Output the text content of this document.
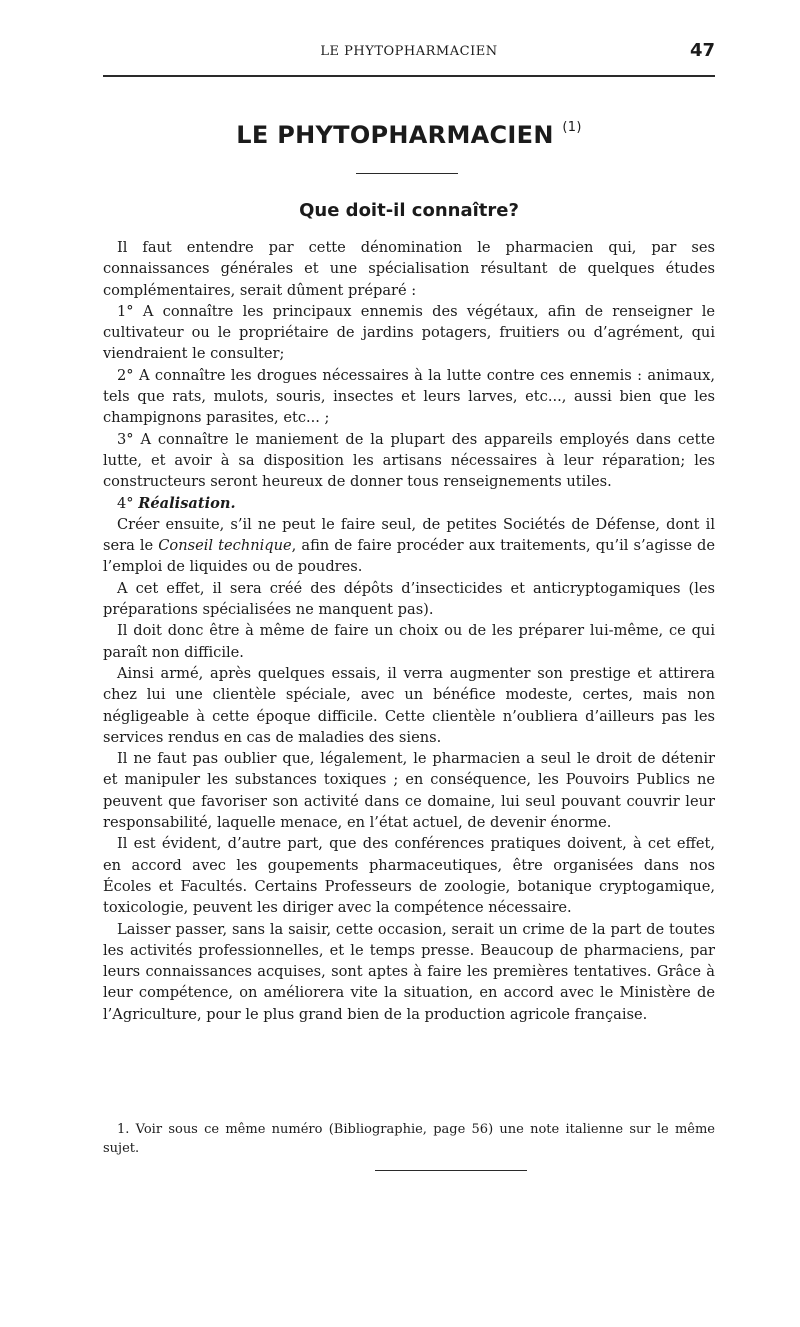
LE PHYTOPHARMACIEN	47
LE PHYTOPHARMACIEN $^{(1)}$
Que doit-il connaître?

Il faut entendre par cette dénomination le pharmacien qui, par ses connaissances générales et une spécialisation résultant de quelques études complémentaires, serait dûment préparé :

1° A connaître les principaux ennemis des végétaux, afin de renseigner le cultivateur ou le propriétaire de jardins potagers, fruitiers ou d’agrément, qui viendraient le consulter;

2° A connaître les drogues nécessaires à la lutte contre ces ennemis : animaux, tels que rats, mulots, souris, insectes et leurs larves, etc..., aussi bien que les champignons parasites, etc... ;

3° A connaître le maniement de la plupart des appareils employés dans cette lutte, et avoir à sa disposition les artisans nécessaires à leur réparation; les constructeurs seront heureux de donner tous renseignements utiles.

4° Réalisation.

Créer ensuite, s’il ne peut le faire seul, de petites Sociétés de Défense, dont il sera le Conseil technique, afin de faire procéder aux traitements, qu’il s’agisse de l’emploi de liquides ou de poudres.

A cet effet, il sera créé des dépôts d’insecticides et anticryptogamiques (les préparations spécialisées ne manquent pas).

Il doit donc être à même de faire un choix ou de les préparer lui-même, ce qui paraît non difficile.

Ainsi armé, après quelques essais, il verra augmenter son prestige et attirera chez lui une clientèle spéciale, avec un bénéfice modeste, certes, mais non négligeable à cette époque difficile. Cette clientèle n’oubliera d’ailleurs pas les services rendus en cas de maladies des siens.

Il ne faut pas oublier que, légalement, le pharmacien a seul le droit de détenir et manipuler les substances toxiques ; en conséquence, les Pouvoirs Publics ne peuvent que favoriser son activité dans ce domaine, lui seul pouvant couvrir leur responsabilité, laquelle menace, en l’état actuel, de devenir énorme.

Il est évident, d’autre part, que des conférences pratiques doivent, à cet effet, en accord avec les goupements pharmaceutiques, être organisées dans nos Écoles et Facultés. Certains Professeurs de zoologie, botanique cryptogamique, toxicologie, peuvent les diriger avec la compétence nécessaire.

Laisser passer, sans la saisir, cette occasion, serait un crime de la part de toutes les activités professionnelles, et le temps presse. Beaucoup de pharmaciens, par leurs connaissances acquises, sont aptes à faire les premières tentatives. Grâce à leur compétence, on améliorera vite la situation, en accord avec le Ministère de l’Agriculture, pour le plus grand bien de la production agricole française.

1. Voir sous ce même numéro (Bibliographie, page 56) une note italienne sur le même sujet.
